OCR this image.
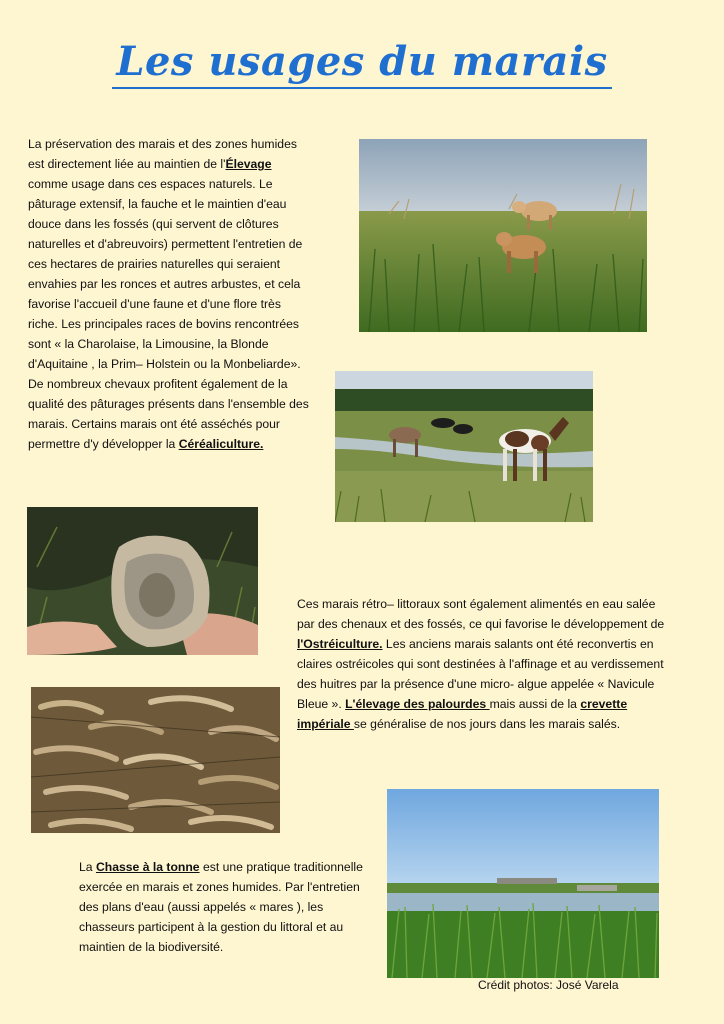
Les usages du marais
La préservation des marais et des zones humides est directement liée au maintien de l'Élevage comme usage dans ces espaces naturels. Le pâturage extensif, la fauche et le maintien d'eau douce dans les fossés (qui servent de clôtures naturelles et d'abreuvoirs) permettent l'entretien de ces hectares de prairies naturelles qui seraient envahies par les ronces et autres arbustes, et cela favorise l'accueil d'une faune et d'une flore très riche. Les principales races de bovins rencontrées sont « la Charolaise, la Limousine, la Blonde d'Aquitaine , la Prim– Holstein ou la Monbeliarde». De nombreux chevaux profitent également de la qualité des pâturages présents dans l'ensemble des marais. Certains marais ont été asséchés pour permettre d'y développer la Céréaliculture.
Ces marais rétro– littoraux sont également alimentés en eau salée par des chenaux et des fossés, ce qui favorise le développement de l'Ostréiculture. Les anciens marais salants ont été reconvertis en claires ostréicoles qui sont destinées à l'affinage et au verdissement des huitres par la présence d'une micro- algue appelée « Navicule Bleue ». L'élevage des palourdes mais aussi de la crevette impériale se généralise de nos jours dans les marais salés.
La Chasse à la tonne est une pratique traditionnelle exercée en marais et zones humides. Par l'entretien des plans d'eau (aussi appelés « mares ), les chasseurs participent à la gestion du littoral et au maintien de la biodiversité.
Crédit photos: José Varela
